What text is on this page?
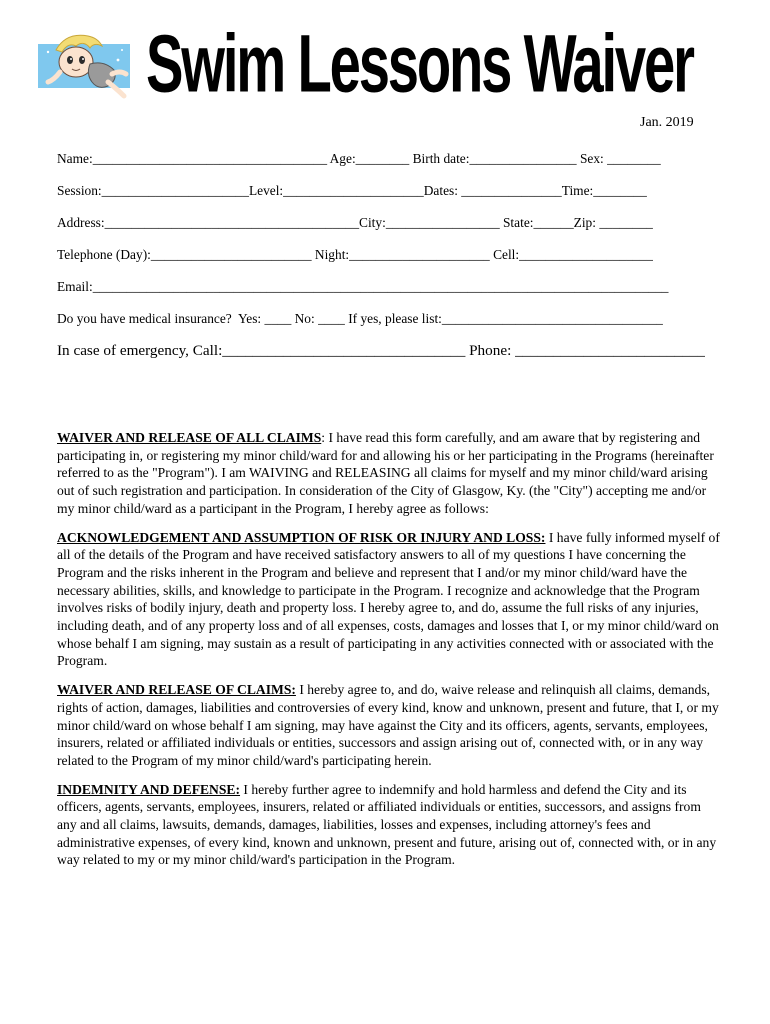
Swim Lessons Waiver
Jan. 2019
Name:___________________________________ Age:________ Birth date:________________ Sex: ________
Session:______________________Level:_____________________Dates: _______________Time:________
Address:______________________________________City:_________________ State:______Zip: ________
Telephone (Day):________________________ Night:_____________________ Cell:____________________
Email:______________________________________________________________________________________
Do you have medical insurance?  Yes: ____ No: ____ If yes, please list:_________________________________
In case of emergency, Call:________________________________ Phone: _________________________

WAIVER AND RELEASE OF ALL CLAIMS: I have read this form carefully, and am aware that by registering and participating in, or registering my minor child/ward for and allowing his or her participating in the Programs (hereinafter referred to as the "Program"). I am WAIVING and RELEASING all claims for myself and my minor child/ward arising out of such registration and participation. In consideration of the City of Glasgow, Ky. (the "City") accepting me and/or my minor child/ward as a participant in the Program, I hereby agree as follows:

ACKNOWLEDGEMENT AND ASSUMPTION OF RISK OR INJURY AND LOSS: I have fully informed myself of all of the details of the Program and have received satisfactory answers to all of my questions I have concerning the Program and the risks inherent in the Program and believe and represent that I and/or my minor child/ward have the necessary abilities, skills, and knowledge to participate in the Program. I recognize and acknowledge that the Program involves risks of bodily injury, death and property loss. I hereby agree to, and do, assume the full risks of any injuries, including death, and of any property loss and of all expenses, costs, damages and losses that I, or my minor child/ward on whose behalf I am signing, may sustain as a result of participating in any activities connected with or associated with the Program.

WAIVER AND RELEASE OF CLAIMS: I hereby agree to, and do, waive release and relinquish all claims, demands, rights of action, damages, liabilities and controversies of every kind, know and unknown, present and future, that I, or my minor child/ward on whose behalf I am signing, may have against the City and its officers, agents, servants, employees, insurers, related or affiliated individuals or entities, successors and assign arising out of, connected with, or in any way related to the Program of my minor child/ward's participating herein.

INDEMNITY AND DEFENSE: I hereby further agree to indemnify and hold harmless and defend the City and its officers, agents, servants, employees, insurers, related or affiliated individuals or entities, successors, and assigns from any and all claims, lawsuits, demands, damages, liabilities, losses and expenses, including attorney's fees and administrative expenses, of every kind, known and unknown, present and future, arising out of, connected with, or in any way related to my or my minor child/ward's participation in the Program.
